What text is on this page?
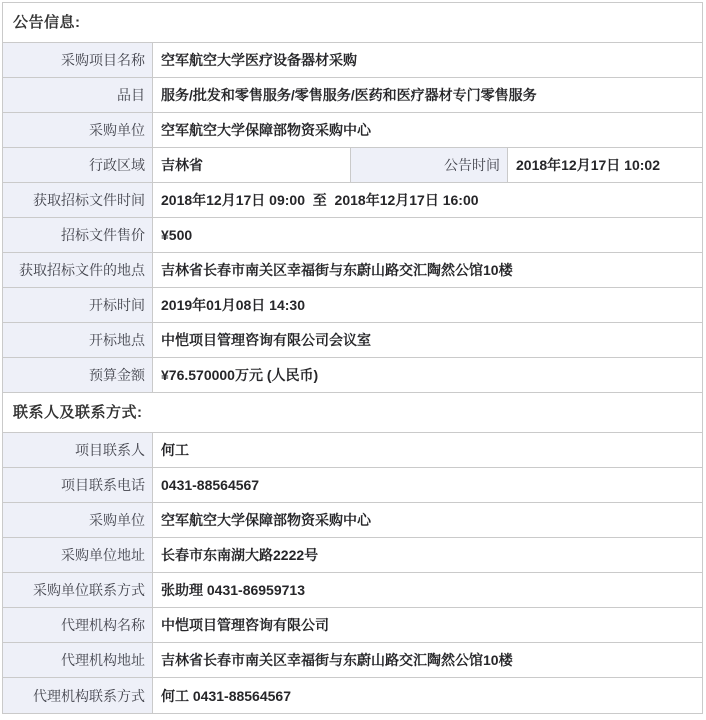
公告信息:
采购项目名称	空军航空大学医疗设备器材采购
品目	服务/批发和零售服务/零售服务/医药和医疗器材专门零售服务
采购单位	空军航空大学保障部物资采购中心
行政区域	吉林省	公告时间	2018年12月17日 10:02
获取招标文件时间	2018年12月17日 09:00  至  2018年12月17日 16:00
招标文件售价	¥500
获取招标文件的地点	吉林省长春市南关区幸福街与东蔚山路交汇陶然公馆10楼
开标时间	2019年01月08日 14:30
开标地点	中恺项目管理咨询有限公司会议室
预算金额	¥76.570000万元 (人民币)
联系人及联系方式:
项目联系人	何工
项目联系电话	0431-88564567
采购单位	空军航空大学保障部物资采购中心
采购单位地址	长春市东南湖大路2222号
采购单位联系方式	张助理 0431-86959713
代理机构名称	中恺项目管理咨询有限公司
代理机构地址	吉林省长春市南关区幸福街与东蔚山路交汇陶然公馆10楼
代理机构联系方式	何工 0431-88564567
